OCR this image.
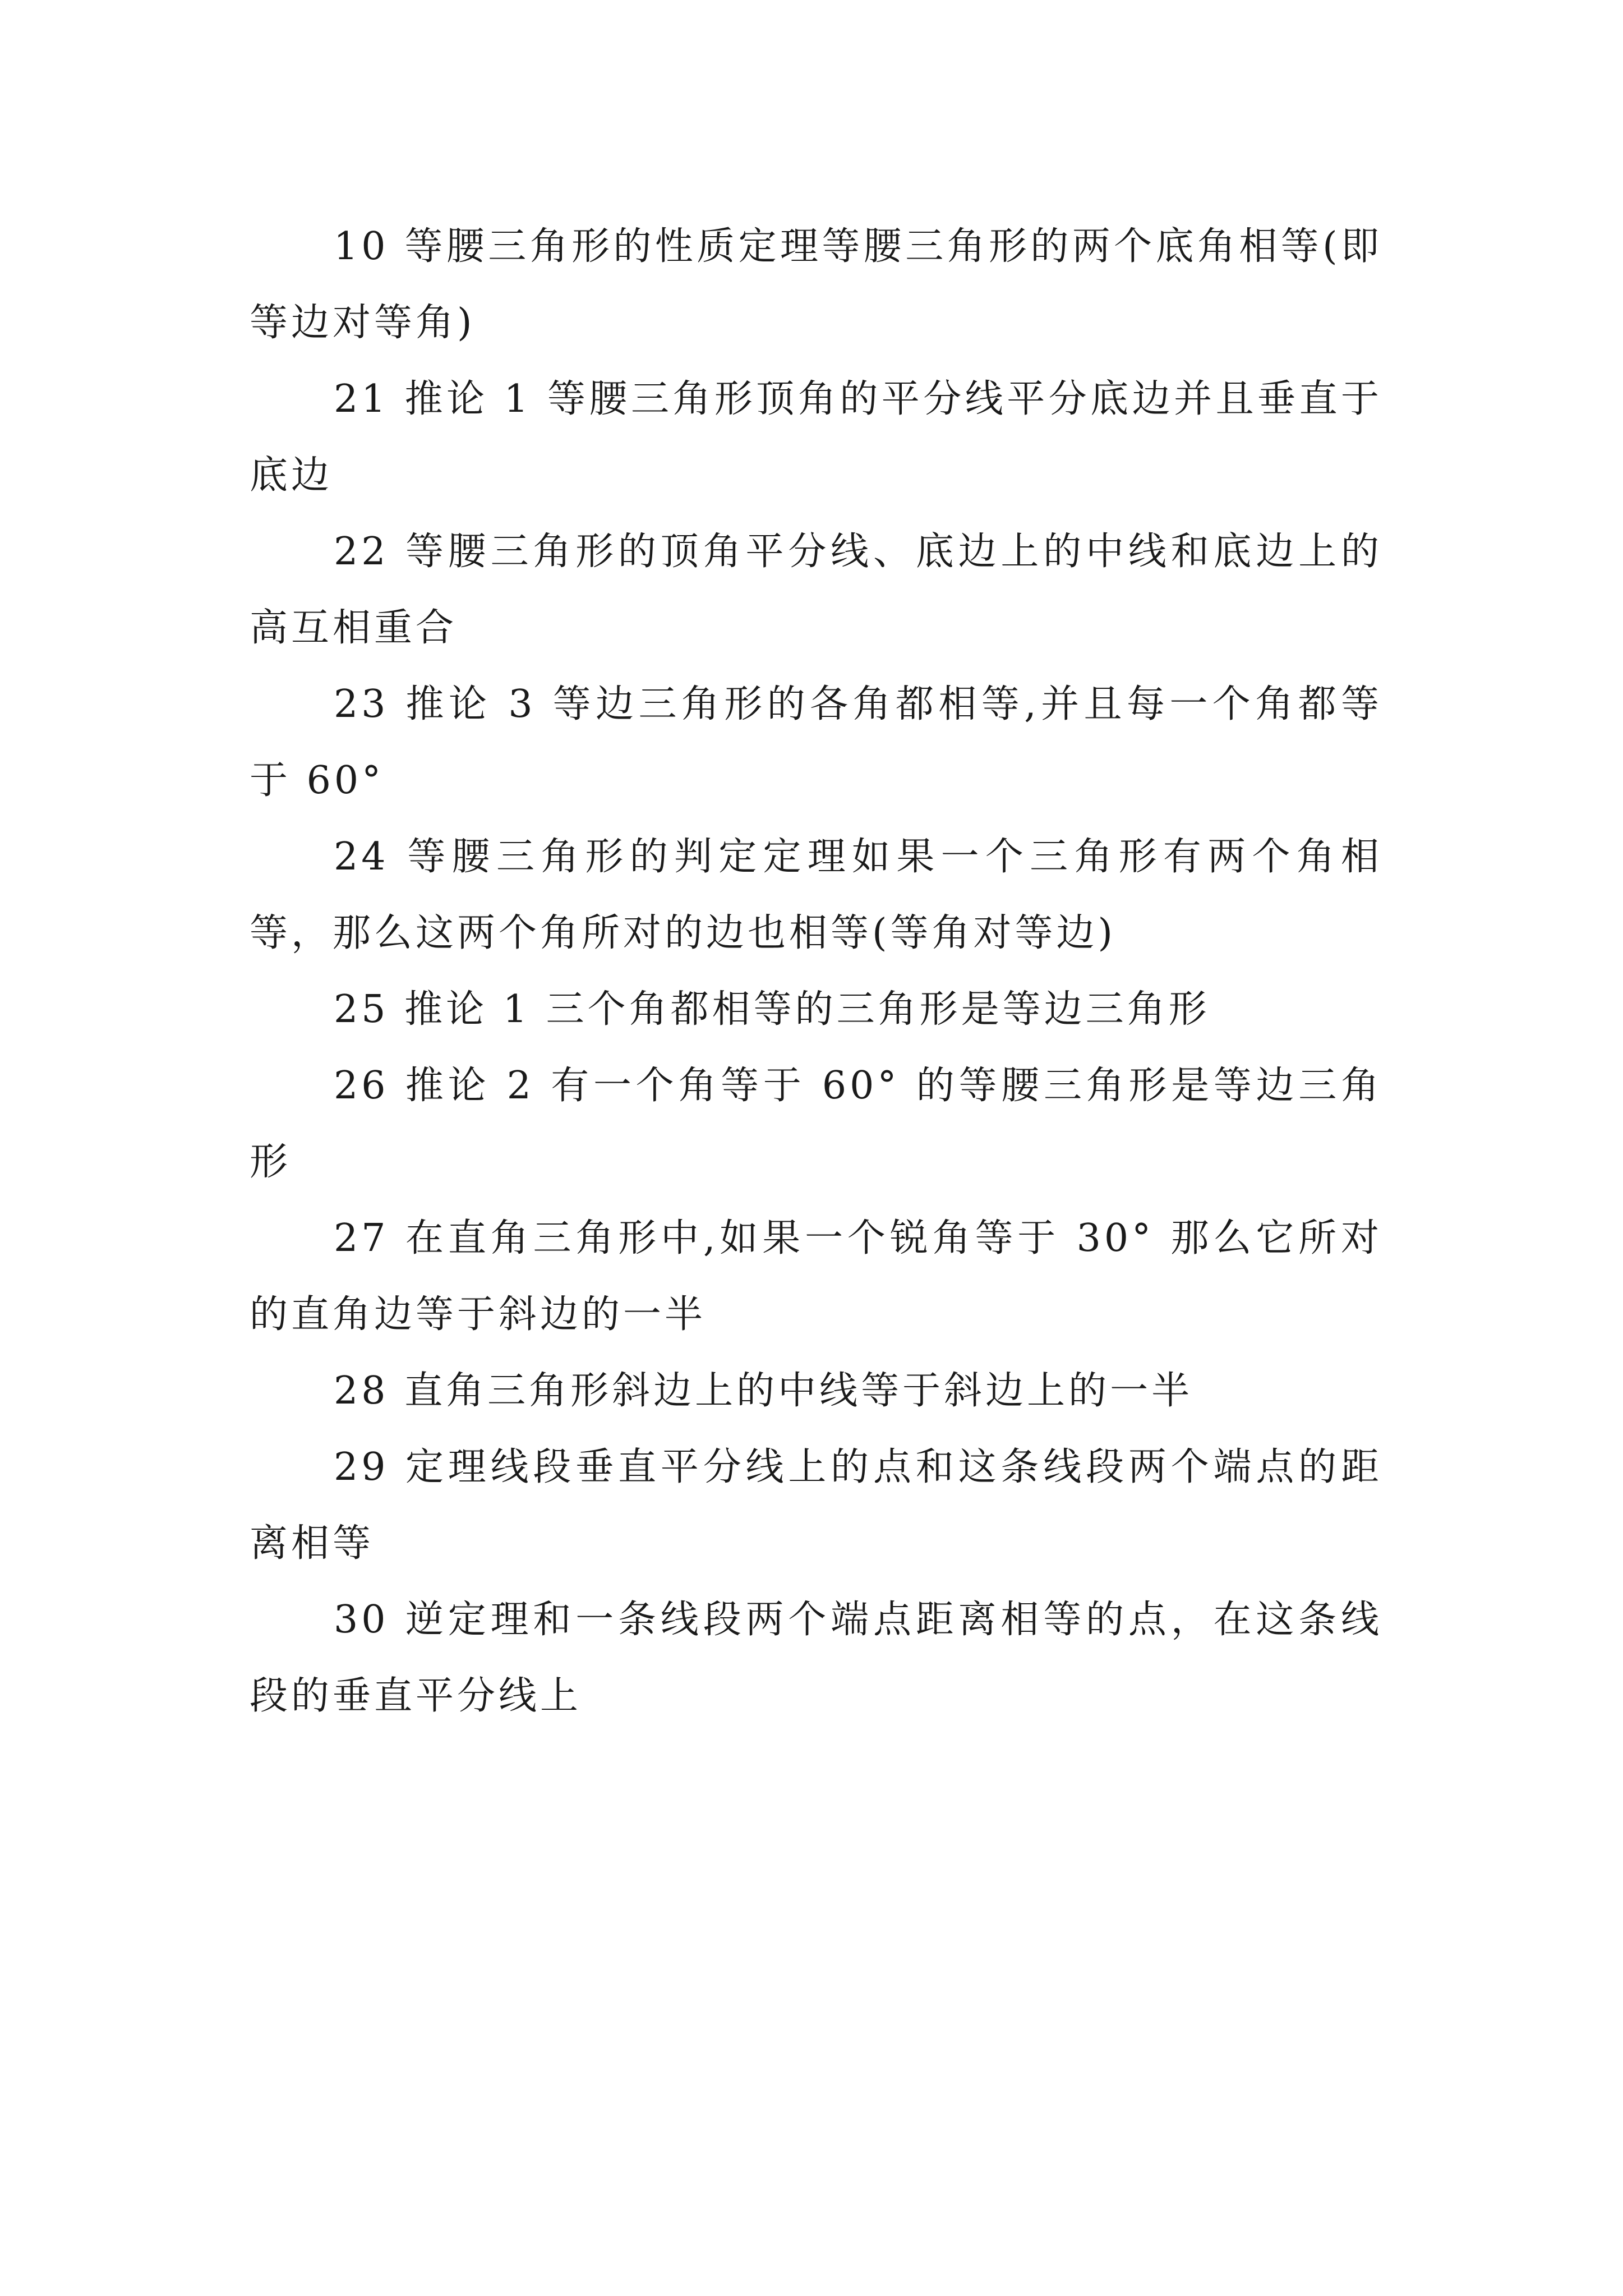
10 等腰三角形的性质定理等腰三角形的两个底角相等(即等边对等角)

21 推论 1 等腰三角形顶角的平分线平分底边并且垂直于底边

22 等腰三角形的顶角平分线、底边上的中线和底边上的高互相重合

23 推论 3 等边三角形的各角都相等,并且每一个角都等于 60°

24 等腰三角形的判定定理如果一个三角形有两个角相等，那么这两个角所对的边也相等(等角对等边)

25 推论 1 三个角都相等的三角形是等边三角形

26 推论 2 有一个角等于 60° 的等腰三角形是等边三角形

27 在直角三角形中,如果一个锐角等于 30° 那么它所对的直角边等于斜边的一半

28 直角三角形斜边上的中线等于斜边上的一半

29 定理线段垂直平分线上的点和这条线段两个端点的距离相等

30 逆定理和一条线段两个端点距离相等的点，在这条线段的垂直平分线上
